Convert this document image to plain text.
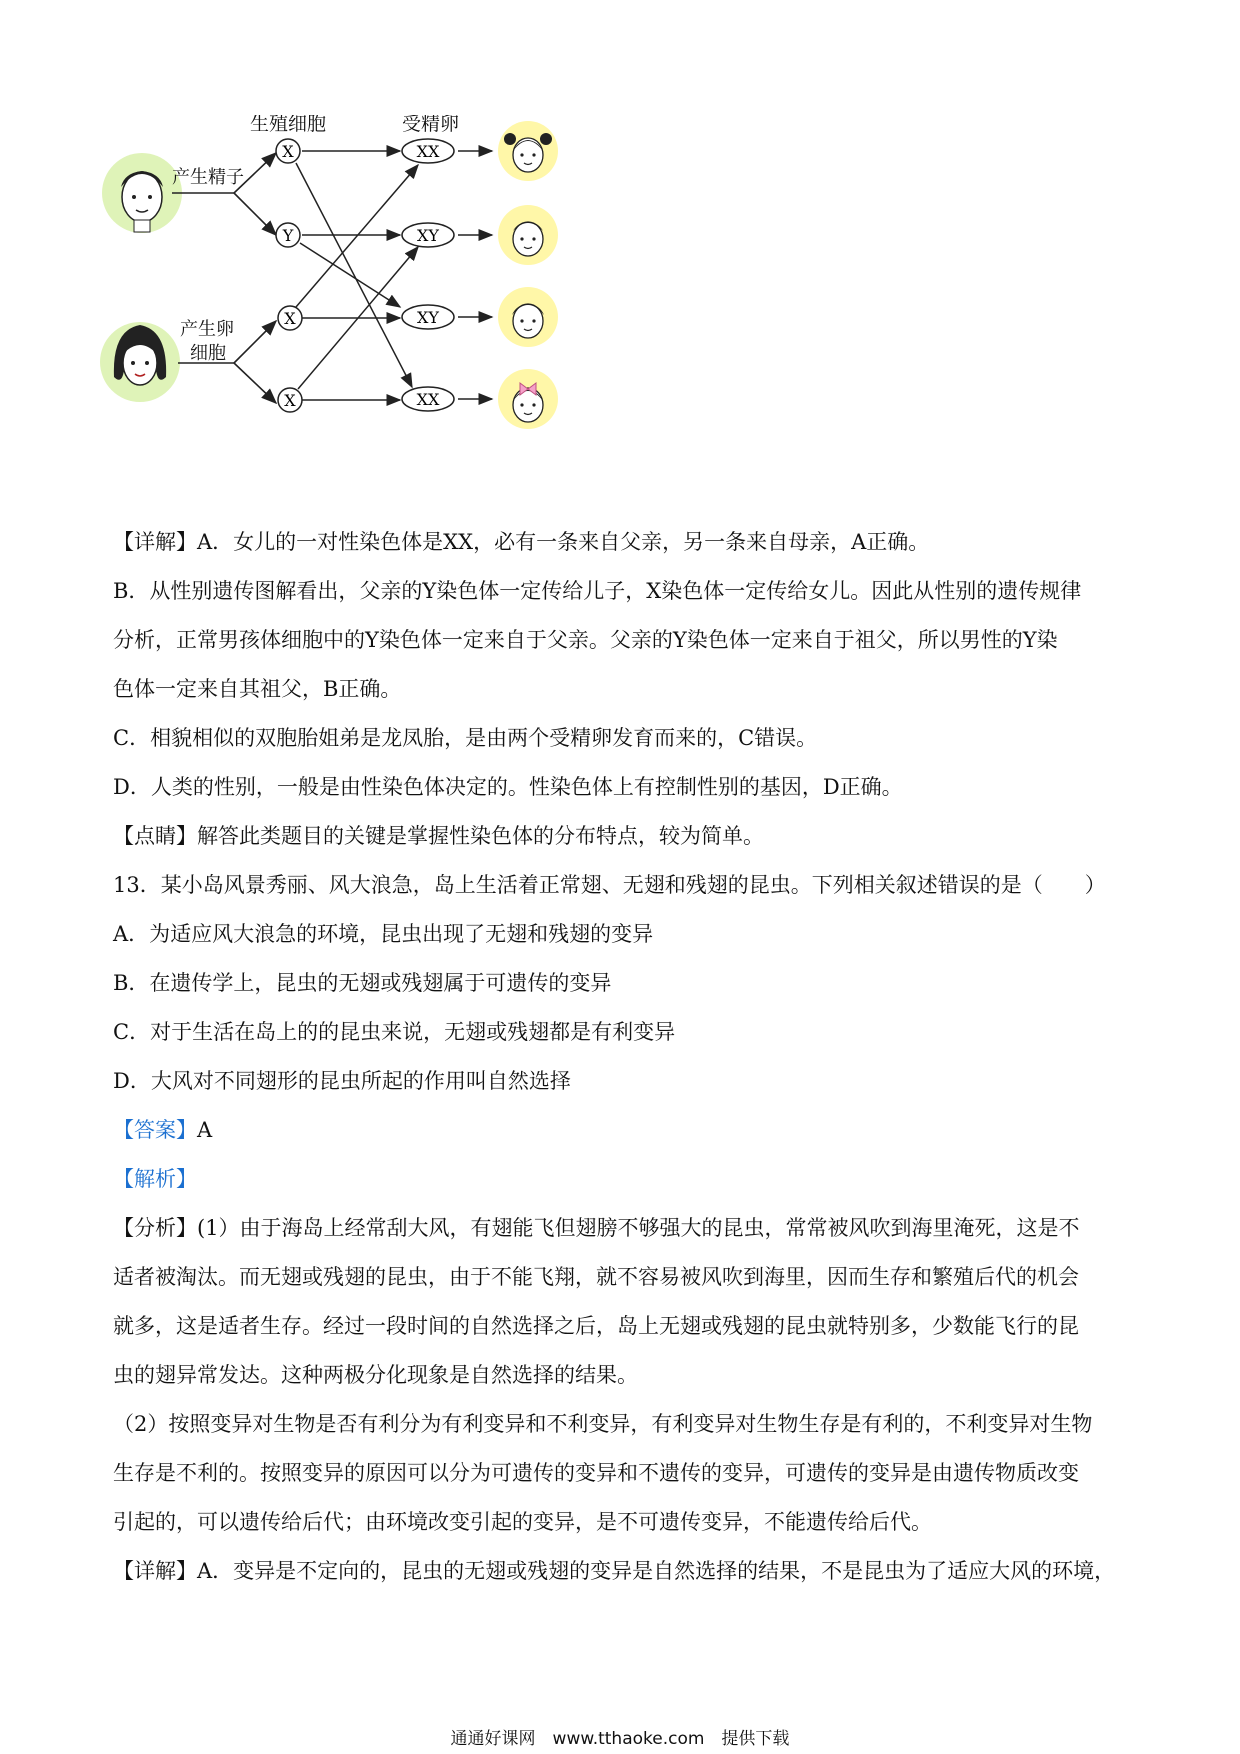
生殖细胞	受精卵
产生精子
产生卵
细胞
X
Y
X
X
XX
XY
XY
XX
【详解】A．女儿的一对性染色体是XX，必有一条来自父亲，另一条来自母亲，A正确。
B．从性别遗传图解看出，父亲的Y染色体一定传给儿子，X染色体一定传给女儿。因此从性别的遗传规律
分析，正常男孩体细胞中的Y染色体一定来自于父亲。父亲的Y染色体一定来自于祖父，所以男性的Y染
色体一定来自其祖父，B正确。
C．相貌相似的双胞胎姐弟是龙凤胎，是由两个受精卵发育而来的，C错误。
D．人类的性别，一般是由性染色体决定的。性染色体上有控制性别的基因，D正确。
【点睛】解答此类题目的关键是掌握性染色体的分布特点，较为简单。
13．某小岛风景秀丽、风大浪急，岛上生活着正常翅、无翅和残翅的昆虫。下列相关叙述错误的是（　　）
A．为适应风大浪急的环境，昆虫出现了无翅和残翅的变异
B．在遗传学上，昆虫的无翅或残翅属于可遗传的变异
C．对于生活在岛上的的昆虫来说，无翅或残翅都是有利变异
D．大风对不同翅形的昆虫所起的作用叫自然选择
【答案】A
【解析】
【分析】(1）由于海岛上经常刮大风，有翅能飞但翅膀不够强大的昆虫，常常被风吹到海里淹死，这是不
适者被淘汰。而无翅或残翅的昆虫，由于不能飞翔，就不容易被风吹到海里，因而生存和繁殖后代的机会
就多，这是适者生存。经过一段时间的自然选择之后，岛上无翅或残翅的昆虫就特别多，少数能飞行的昆
虫的翅异常发达。这种两极分化现象是自然选择的结果。
（2）按照变异对生物是否有利分为有利变异和不利变异，有利变异对生物生存是有利的，不利变异对生物
生存是不利的。按照变异的原因可以分为可遗传的变异和不遗传的变异，可遗传的变异是由遗传物质改变
引起的，可以遗传给后代；由环境改变引起的变异，是不可遗传变异，不能遗传给后代。
【详解】A．变异是不定向的，昆虫的无翅或残翅的变异是自然选择的结果，不是昆虫为了适应大风的环境，
通通好课网　www.tthaoke.com　提供下载
